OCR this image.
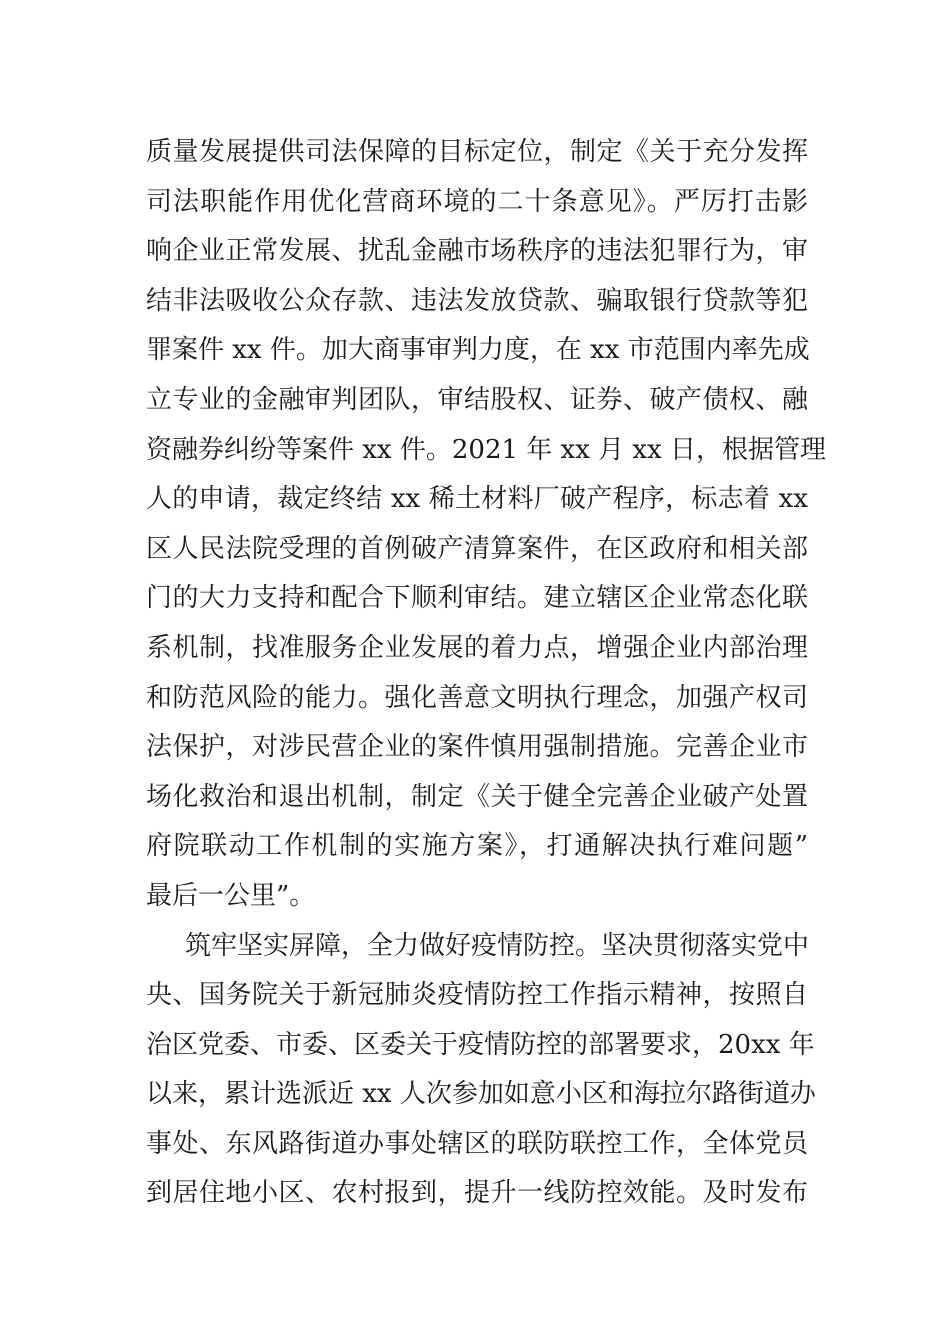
质量发展提供司法保障的目标定位，制定《关于充分发挥
司法职能作用优化营商环境的二十条意见》。严厉打击影
响企业正常发展、扰乱金融市场秩序的违法犯罪行为，审
结非法吸收公众存款、违法发放贷款、骗取银行贷款等犯
罪案件 xx 件。加大商事审判力度，在 xx 市范围内率先成
立专业的金融审判团队，审结股权、证券、破产债权、融
资融券纠纷等案件 xx 件。2021 年 xx 月 xx 日，根据管理
人的申请，裁定终结 xx 稀土材料厂破产程序，标志着 xx
区人民法院受理的首例破产清算案件，在区政府和相关部
门的大力支持和配合下顺利审结。建立辖区企业常态化联
系机制，找准服务企业发展的着力点，增强企业内部治理
和防范风险的能力。强化善意文明执行理念，加强产权司
法保护，对涉民营企业的案件慎用强制措施。完善企业市
场化救治和退出机制，制定《关于健全完善企业破产处置
府院联动工作机制的实施方案》，打通解决执行难问题”
最后一公里”。
筑牢坚实屏障，全力做好疫情防控。坚决贯彻落实党中
央、国务院关于新冠肺炎疫情防控工作指示精神，按照自
治区党委、市委、区委关于疫情防控的部署要求，20xx 年
以来，累计选派近 xx 人次参加如意小区和海拉尔路街道办
事处、东风路街道办事处辖区的联防联控工作，全体党员
到居住地小区、农村报到，提升一线防控效能。及时发布
